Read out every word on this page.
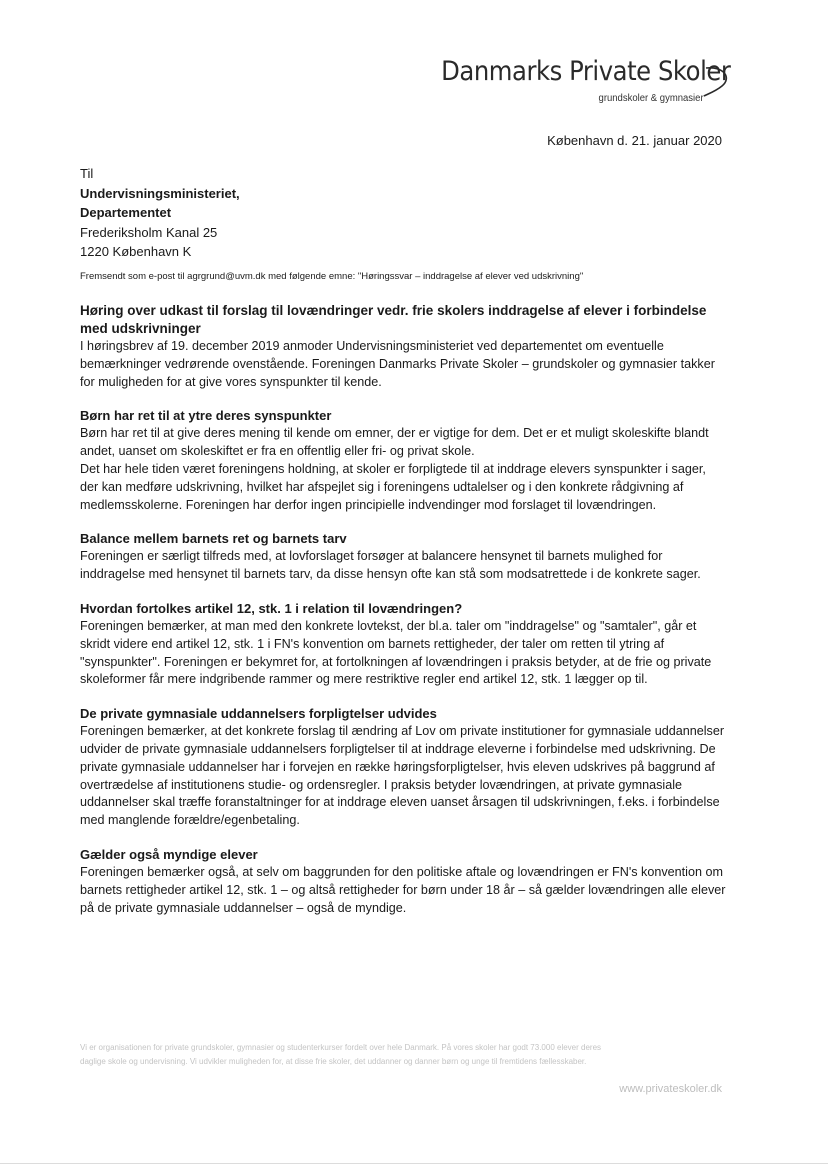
Danmarks Private Skoler
grundskoler & gymnasier
København d. 21. januar 2020
Til
Undervisningsministeriet,
Departementet
Frederiksholm Kanal 25
1220 København K
Fremsendt som e-post til agrgrund@uvm.dk med følgende emne: "Høringssvar – inddragelse af elever ved udskrivning"
Høring over udkast til forslag til lovændringer vedr. frie skolers inddragelse af elever i forbindelse med udskrivninger

I høringsbrev af 19. december 2019 anmoder Undervisningsministeriet ved departementet om eventuelle bemærkninger vedrørende ovenstående. Foreningen Danmarks Private Skoler – grundskoler og gymnasier takker for muligheden for at give vores synspunkter til kende.

Børn har ret til at ytre deres synspunkter

Børn har ret til at give deres mening til kende om emner, der er vigtige for dem. Det er et muligt skoleskifte blandt andet, uanset om skoleskiftet er fra en offentlig eller fri- og privat skole.

Det har hele tiden været foreningens holdning, at skoler er forpligtede til at inddrage elevers synspunkter i sager, der kan medføre udskrivning, hvilket har afspejlet sig i foreningens udtalelser og i den konkrete rådgivning af medlemsskolerne. Foreningen har derfor ingen principielle indvendinger mod forslaget til lovændringen.

Balance mellem barnets ret og barnets tarv

Foreningen er særligt tilfreds med, at lovforslaget forsøger at balancere hensynet til barnets mulighed for inddragelse med hensynet til barnets tarv, da disse hensyn ofte kan stå som modsatrettede i de konkrete sager.

Hvordan fortolkes artikel 12, stk. 1 i relation til lovændringen?

Foreningen bemærker, at man med den konkrete lovtekst, der bl.a. taler om "inddragelse" og "samtaler", går et skridt videre end artikel 12, stk. 1 i FN's konvention om barnets rettigheder, der taler om retten til ytring af "synspunkter". Foreningen er bekymret for, at fortolkningen af lovændringen i praksis betyder, at de frie og private skoleformer får mere indgribende rammer og mere restriktive regler end artikel 12, stk. 1 lægger op til.

De private gymnasiale uddannelsers forpligtelser udvides

Foreningen bemærker, at det konkrete forslag til ændring af Lov om private institutioner for gymnasiale uddannelser udvider de private gymnasiale uddannelsers forpligtelser til at inddrage eleverne i forbindelse med udskrivning. De private gymnasiale uddannelser har i forvejen en række høringsforpligtelser, hvis eleven udskrives på baggrund af overtrædelse af institutionens studie- og ordensregler. I praksis betyder lovændringen, at private gymnasiale uddannelser skal træffe foranstaltninger for at inddrage eleven uanset årsagen til udskrivningen, f.eks. i forbindelse med manglende forældre/egenbetaling.

Gælder også myndige elever

Foreningen bemærker også, at selv om baggrunden for den politiske aftale og lovændringen er FN's konvention om barnets rettigheder artikel 12, stk. 1 – og altså rettigheder for børn under 18 år – så gælder lovændringen alle elever på de private gymnasiale uddannelser – også de myndige.

Vi er organisationen for private grundskoler, gymnasier og studenterkurser fordelt over hele Danmark. På vores skoler har godt 73.000 elever deres
daglige skole og undervisning. Vi udvikler muligheden for, at disse frie skoler, det uddanner og danner børn og unge til fremtidens fællesskaber.
www.privateskoler.dk
